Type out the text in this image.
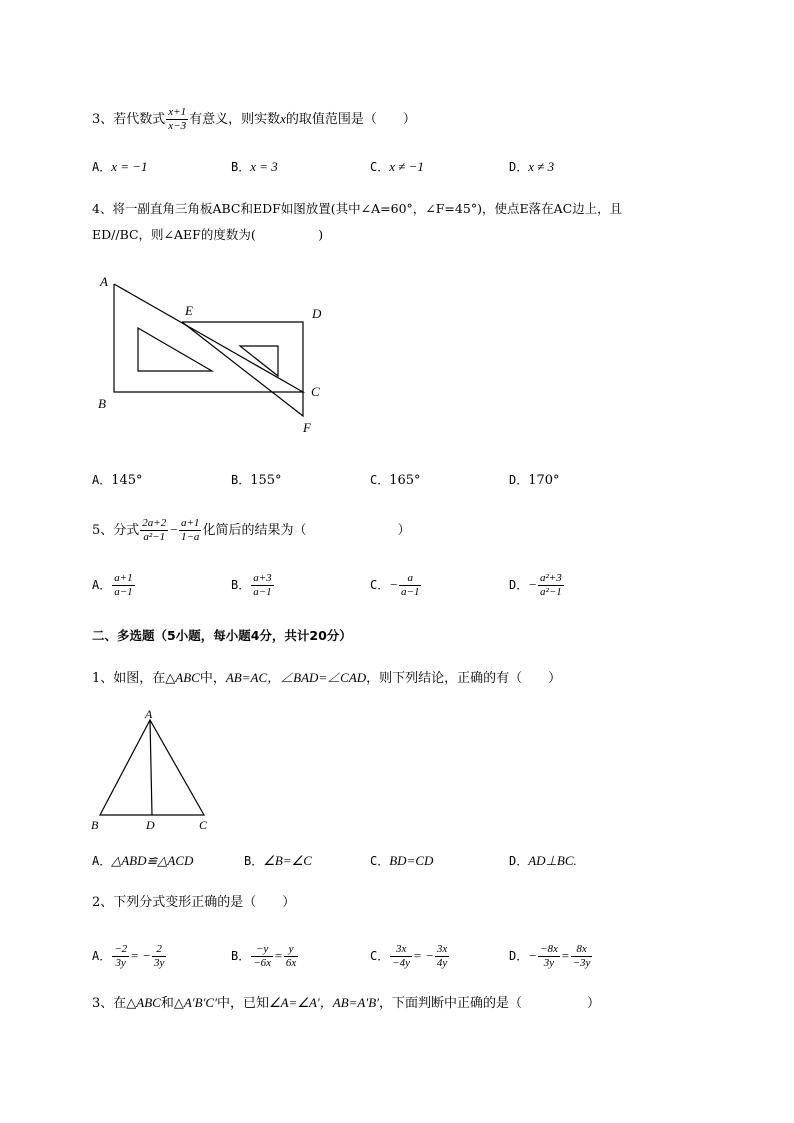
3、若代数式 $\frac{x+1}{x-3}$ 有意义，则实数x的取值范围是（　　）
A．x = −1	B．x = 3	C．x ≠ −1	D．x ≠ 3
4、将一副直角三角板ABC和EDF如图放置(其中∠A=60°，∠F=45°)，使点E落在AC边上，且
ED//BC，则∠AEF的度数为(　　　　　)
A
E	D
B
C
F
A．145°	B．155°	C．165°	D．170°
5、分式 $\frac{2a+2}{\text{a²−1}} - \frac{a+1}{1-a}$ 化简后的结果为（　　　　　　　）
A． $\frac{a+1}{a-1}$	B． $\frac{a+3}{a-1}$	C．− $\frac{a}{a-1}$	D．− $\frac{\text{a²+3}}{\text{a²−1}}$
二、多选题（5小题，每小题4分，共计20分）
1、如图，在△ABC中，AB=AC，∠BAD=∠CAD，则下列结论，正确的有（　　）
A
B	D	C
A．△ABD≌△ACD	B．∠B=∠C	C．BD=CD	D．AD⊥BC.
2、下列分式变形正确的是（　　）
A． $\frac{-2}{3y}$ = − $\frac{2}{3y}$	B． $\frac{-y}{-6x} = \frac{y}{6x}$	C． $\frac{3x}{-4y}$ = − $\frac{3x}{4y}$	D．− $\frac{-8x}{3y} = \frac{8x}{-3y}$
3、在△ABC和△A′B′C′中，已知∠A=∠A′，AB=A′B′，下面判断中正确的是（　　　　　）
